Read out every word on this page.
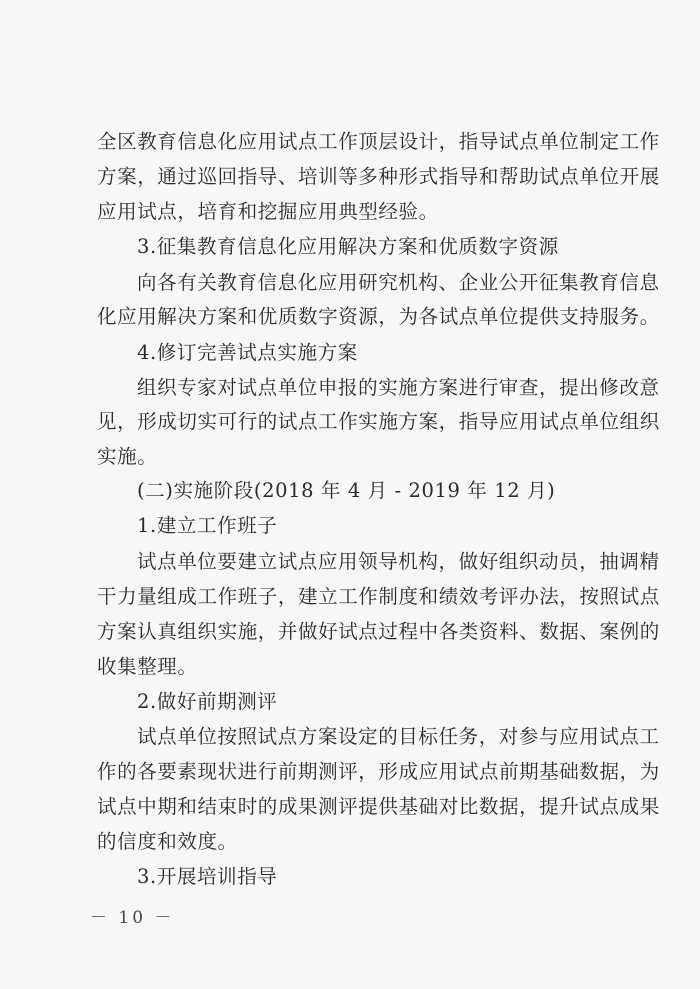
全区教育信息化应用试点工作顶层设计，指导试点单位制定工作
方案，通过巡回指导、培训等多种形式指导和帮助试点单位开展
应用试点，培育和挖掘应用典型经验。
3.征集教育信息化应用解决方案和优质数字资源
向各有关教育信息化应用研究机构、企业公开征集教育信息
化应用解决方案和优质数字资源，为各试点单位提供支持服务。
4.修订完善试点实施方案
组织专家对试点单位申报的实施方案进行审查，提出修改意
见，形成切实可行的试点工作实施方案，指导应用试点单位组织
实施。
(二)实施阶段(2018 年 4 月 - 2019 年 12 月)
1.建立工作班子
试点单位要建立试点应用领导机构，做好组织动员，抽调精
干力量组成工作班子，建立工作制度和绩效考评办法，按照试点
方案认真组织实施，并做好试点过程中各类资料、数据、案例的
收集整理。
2.做好前期测评
试点单位按照试点方案设定的目标任务，对参与应用试点工
作的各要素现状进行前期测评，形成应用试点前期基础数据，为
试点中期和结束时的成果测评提供基础对比数据，提升试点成果
的信度和效度。
3.开展培训指导
－ 10 －
